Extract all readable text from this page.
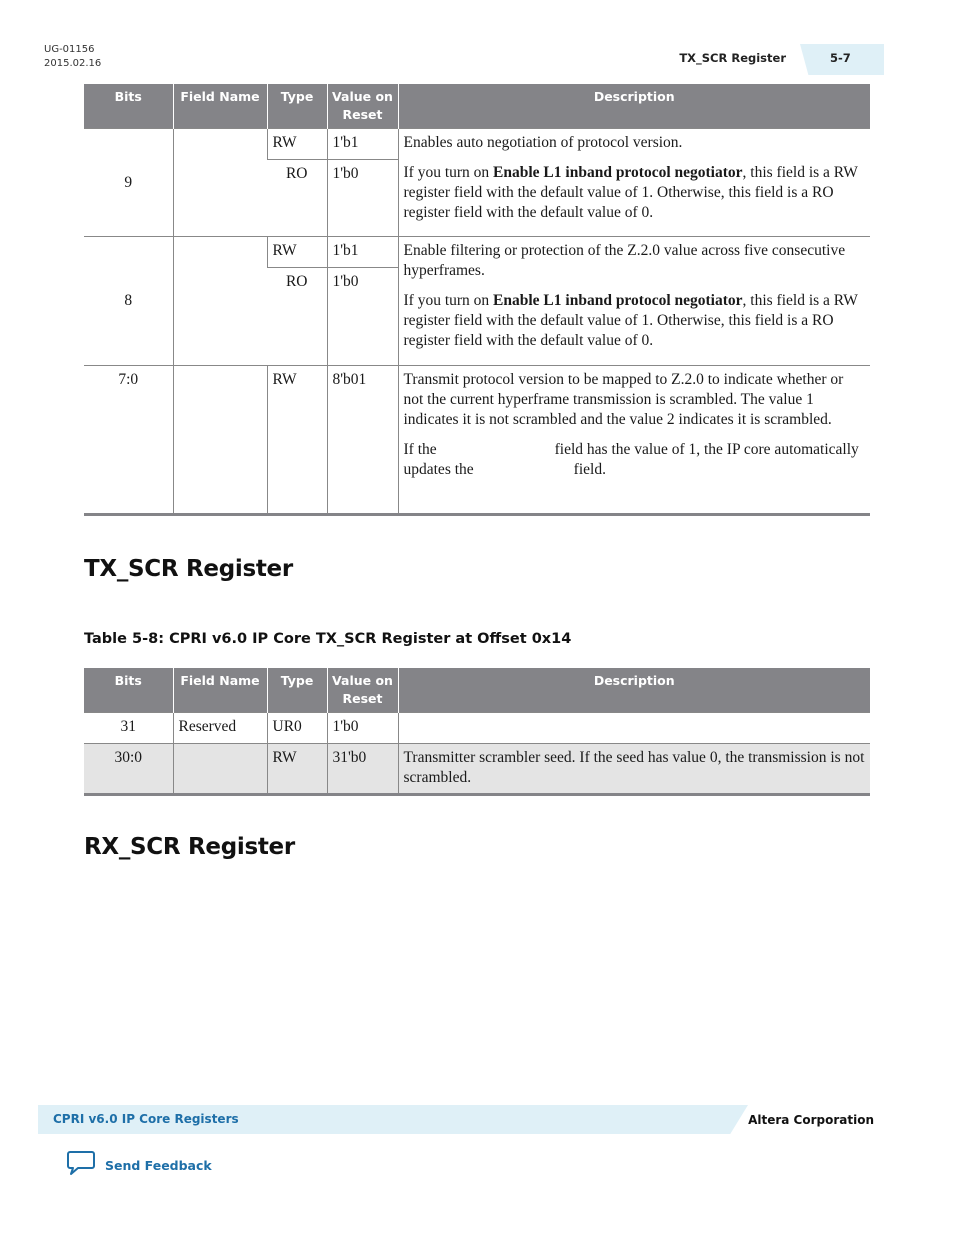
UG-01156
2015.02.16	TX_SCR Register	5-7
Bits	Field Name	Type	Value on Reset	Description
9		RW	1'b1	Enables auto negotiation of protocol version.

If you turn on Enable L1 inband protocol negotiator, this field is a RW register field with the default value of 1. Otherwise, this field is a RO register field with the default value of 0.

		RO	1'b0	
8		RW	1'b1	Enable filtering or protection of the Z.2.0 value across five consecutive hyperframes.

If you turn on Enable L1 inband protocol negotiator, this field is a RW register field with the default value of 1. Otherwise, this field is a RO register field with the default value of 0.

		RO	1'b0	
7:0		RW	8'b01	Transmit protocol version to be mapped to Z.2.0 to indicate whether or not the current hyperframe transmission is scrambled. The value 1 indicates it is not scrambled and the value 2 indicates it is scrambled.

If the field has the value of 1, the IP core automatically updates the field.

TX_SCR Register
Table 5-8: CPRI v6.0 IP Core TX_SCR Register at Offset 0x14
Bits	Field Name	Type	Value on Reset	Description
31	Reserved	UR0	1'b0	
30:0		RW	31'b0	Transmitter scrambler seed. If the seed has value 0, the transmission is not scrambled.
RX_SCR Register
CPRI v6.0 IP Core Registers	Altera Corporation
Send Feedback
